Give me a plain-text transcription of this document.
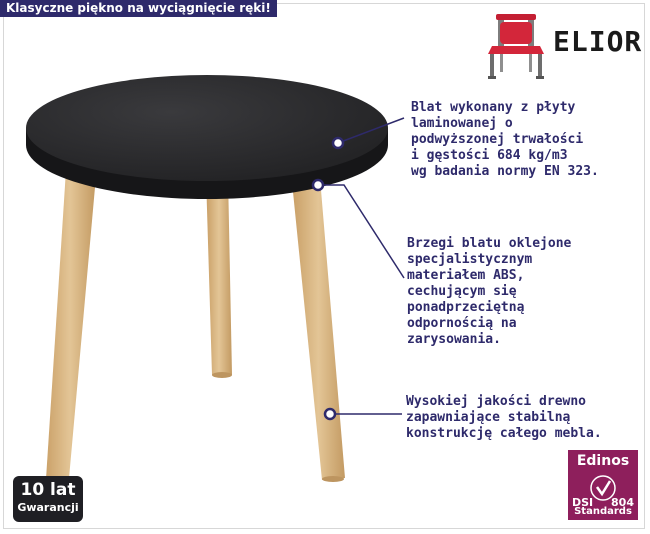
Klasyczne piękno na wyciągnięcie ręki!
ELIOR
Blat wykonany z płyty
laminowanej o
podwyższonej trwałości
i gęstości 684 kg/m3
wg badania normy EN 323.
Brzegi blatu oklejone
specjalistycznym
materiałem ABS,
cechującym się
ponadprzeciętną
odpornością na
zarysowania.
Wysokiej jakości drewno
zapawniające stabilną
konstrukcję całego mebla.
10 lat
Gwarancji
Edinos
DSI 804
Standards
